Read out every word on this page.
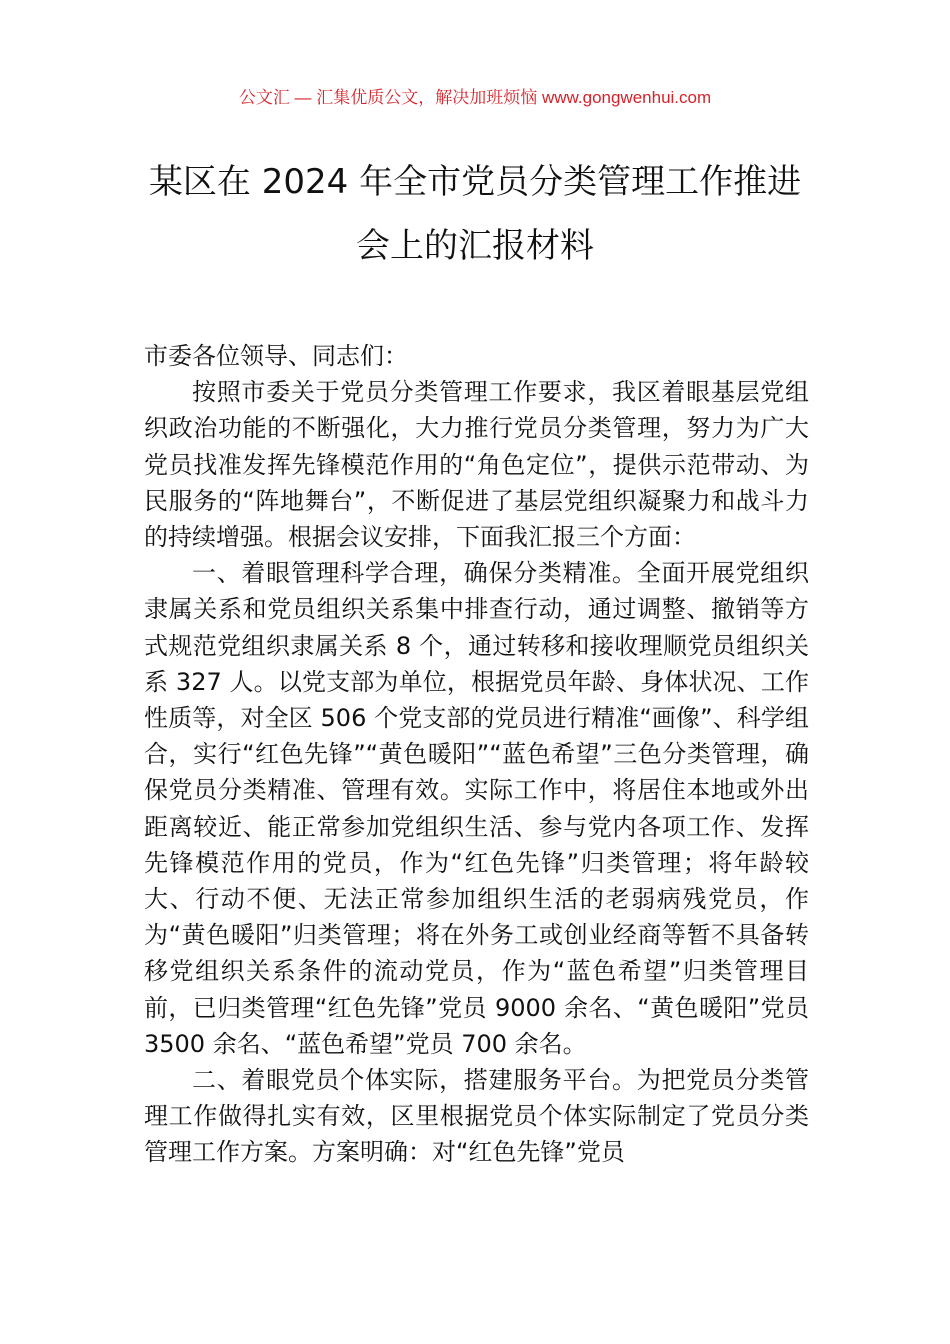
公文汇 — 汇集优质公文，解决加班烦恼 www.gongwenhui.com
某区在 2024 年全市党员分类管理工作推进
会上的汇报材料

市委各位领导、同志们：

按照市委关于党员分类管理工作要求，我区着眼基层党组织政治功能的不断强化，大力推行党员分类管理，努力为广大党员找准发挥先锋模范作用的“角色定位”，提供示范带动、为民服务的“阵地舞台”，不断促进了基层党组织凝聚力和战斗力的持续增强。根据会议安排，下面我汇报三个方面：

一、着眼管理科学合理，确保分类精准。全面开展党组织隶属关系和党员组织关系集中排查行动，通过调整、撤销等方式规范党组织隶属关系 8 个，通过转移和接收理顺党员组织关系 327 人。以党支部为单位，根据党员年龄、身体状况、工作性质等，对全区 506 个党支部的党员进行精准“画像”、科学组合，实行“红色先锋”“黄色暖阳”“蓝色希望”三色分类管理，确保党员分类精准、管理有效。实际工作中，将居住本地或外出距离较近、能正常参加党组织生活、参与党内各项工作、发挥先锋模范作用的党员，作为“红色先锋”归类管理；将年龄较大、行动不便、无法正常参加组织生活的老弱病残党员，作为“黄色暖阳”归类管理；将在外务工或创业经商等暂不具备转移党组织关系条件的流动党员，作为“蓝色希望”归类管理目前，已归类管理“红色先锋”党员 9000 余名、“黄色暖阳”党员 3500 余名、“蓝色希望”党员 700 余名。

二、着眼党员个体实际，搭建服务平台。为把党员分类管理工作做得扎实有效，区里根据党员个体实际制定了党员分类管理工作方案。方案明确：对“红色先锋”党员
